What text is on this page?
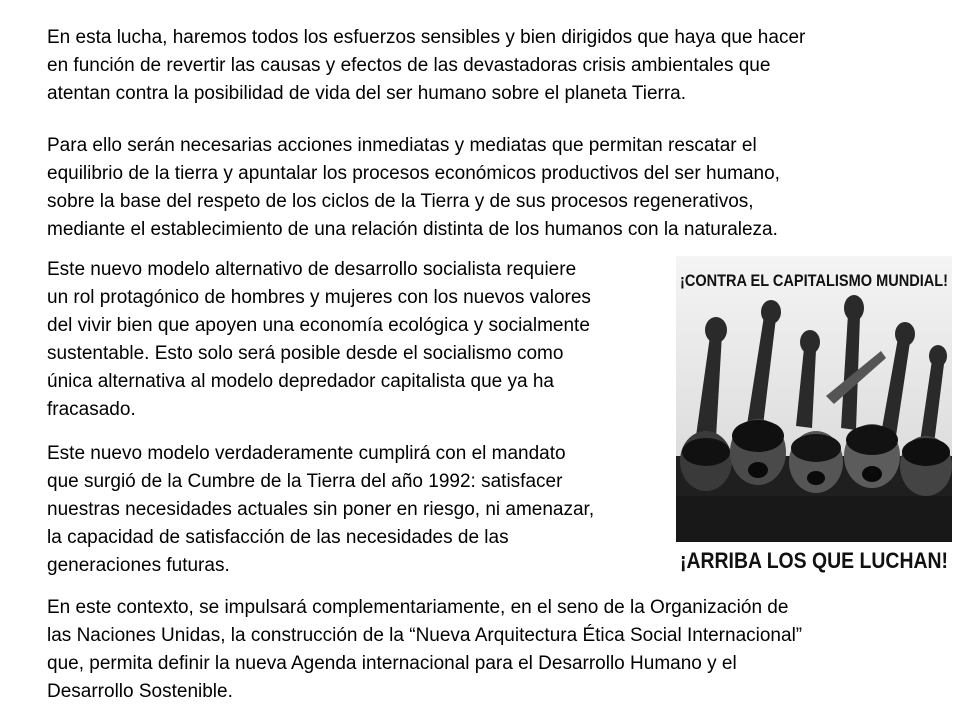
En esta lucha, haremos todos los esfuerzos sensibles y bien dirigidos que haya que hacer
en función de revertir las causas y efectos de las devastadoras crisis ambientales que
atentan contra la posibilidad de vida del ser humano sobre el planeta Tierra.

Para ello serán necesarias acciones inmediatas y mediatas que permitan rescatar el
equilibrio de la tierra y apuntalar los procesos económicos productivos del ser humano,
sobre la base del respeto de los ciclos de la Tierra y de sus procesos regenerativos,
mediante el establecimiento de una relación distinta de los humanos con la naturaleza.

Este nuevo modelo alternativo de desarrollo socialista requiere
un rol protagónico de hombres y mujeres con los nuevos valores
del vivir bien que apoyen una economía ecológica y socialmente
sustentable. Esto solo será posible desde el socialismo como
única alternativa al modelo depredador capitalista que ya ha
fracasado.

Este nuevo modelo verdaderamente cumplirá con el mandato
que surgió de la Cumbre de la Tierra del año 1992: satisfacer
nuestras necesidades actuales sin poner en riesgo, ni amenazar,
la capacidad de satisfacción de las necesidades de las
generaciones futuras.

En este contexto, se impulsará complementariamente, en el seno de la Organización de
las Naciones Unidas, la construcción de la “Nueva Arquitectura Ética Social Internacional”
que, permita definir la nueva Agenda internacional para el Desarrollo Humano y el
Desarrollo Sostenible.

¡CONTRA EL CAPITALISMO MUNDIAL!
¡ARRIBA LOS QUE LUCHAN!
